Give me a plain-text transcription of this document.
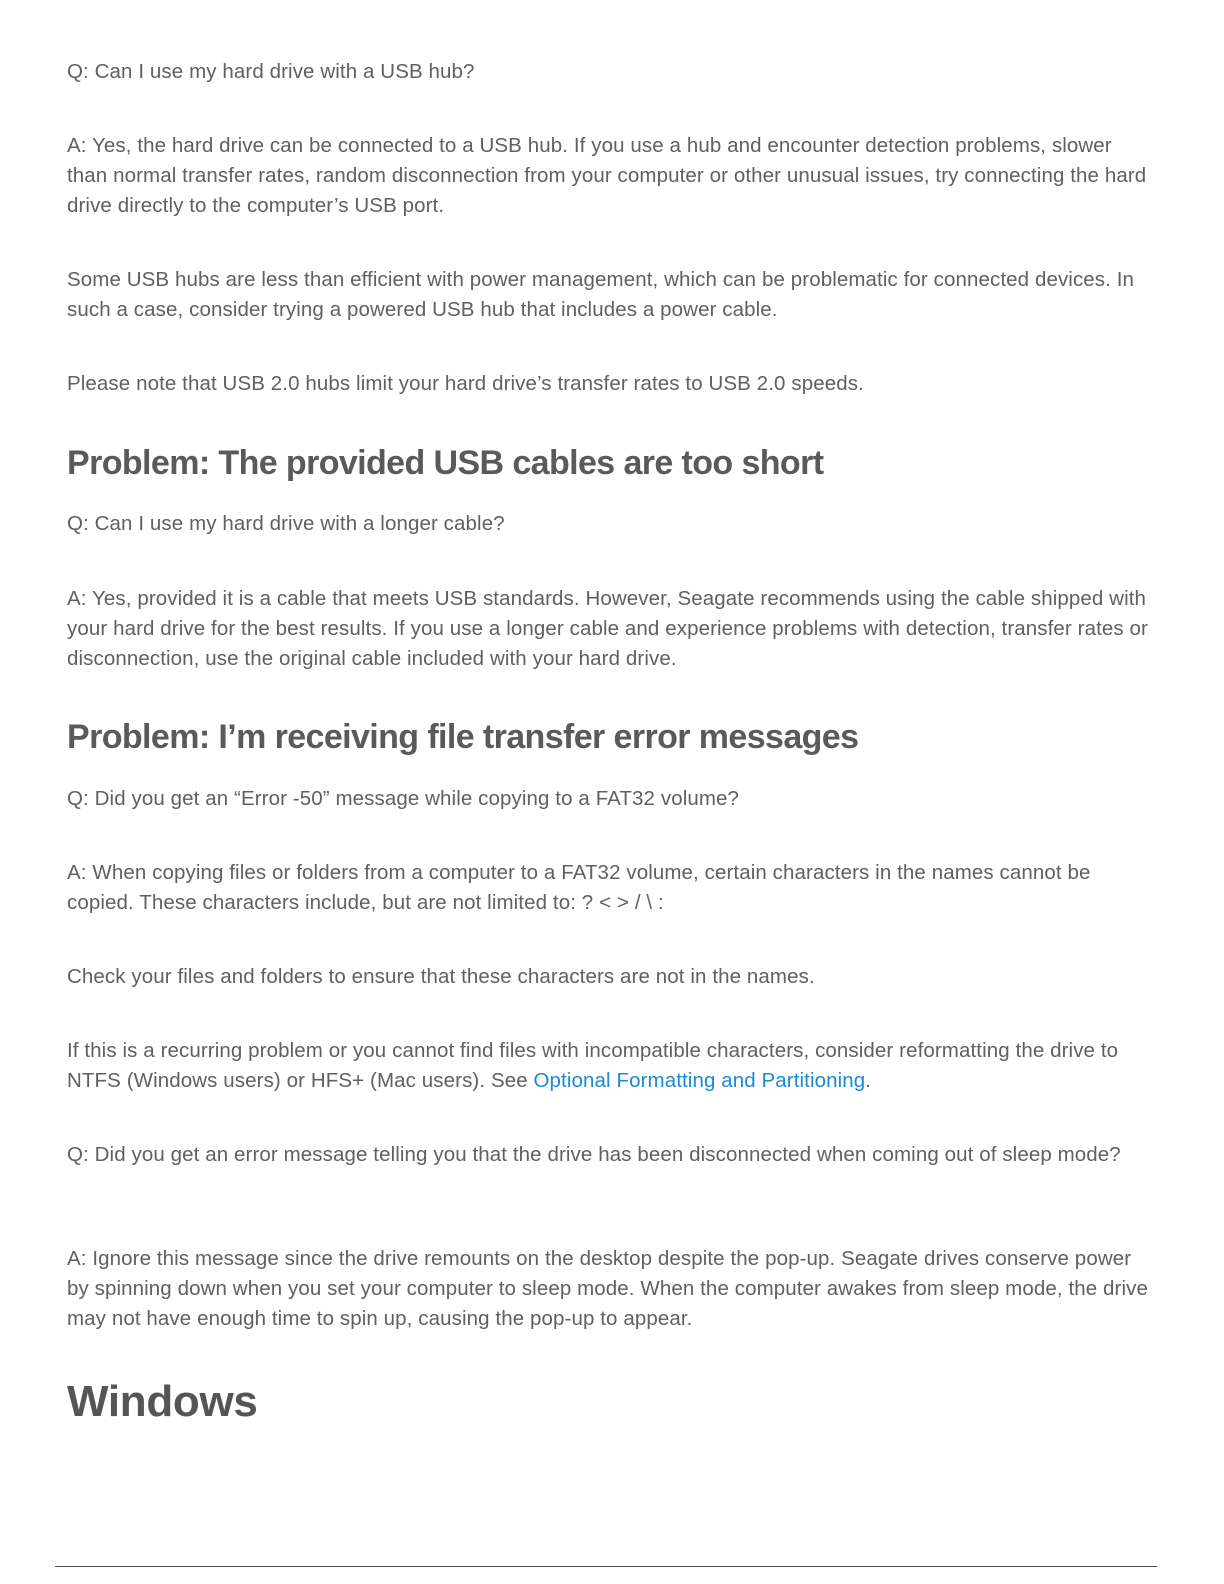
Q: Can I use my hard drive with a USB hub?

A: Yes, the hard drive can be connected to a USB hub. If you use a hub and encounter detection problems, slower than normal transfer rates, random disconnection from your computer or other unusual issues, try connecting the hard drive directly to the computer’s USB port.

Some USB hubs are less than efficient with power management, which can be problematic for connected devices. In such a case, consider trying a powered USB hub that includes a power cable.

Please note that USB 2.0 hubs limit your hard drive’s transfer rates to USB 2.0 speeds.

Problem: The provided USB cables are too short

Q: Can I use my hard drive with a longer cable?

A: Yes, provided it is a cable that meets USB standards. However, Seagate recommends using the cable shipped with your hard drive for the best results. If you use a longer cable and experience problems with detection, transfer rates or disconnection, use the original cable included with your hard drive.

Problem: I’m receiving file transfer error messages

Q: Did you get an “Error -50” message while copying to a FAT32 volume?

A: When copying files or folders from a computer to a FAT32 volume, certain characters in the names cannot be copied. These characters include, but are not limited to: ? < > / \ :

Check your files and folders to ensure that these characters are not in the names.

If this is a recurring problem or you cannot find files with incompatible characters, consider reformatting the drive to NTFS (Windows users) or HFS+ (Mac users). See Optional Formatting and Partitioning.

Q: Did you get an error message telling you that the drive has been disconnected when coming out of sleep mode?

A: Ignore this message since the drive remounts on the desktop despite the pop-up. Seagate drives conserve power by spinning down when you set your computer to sleep mode. When the computer awakes from sleep mode, the drive may not have enough time to spin up, causing the pop-up to appear.

Windows
